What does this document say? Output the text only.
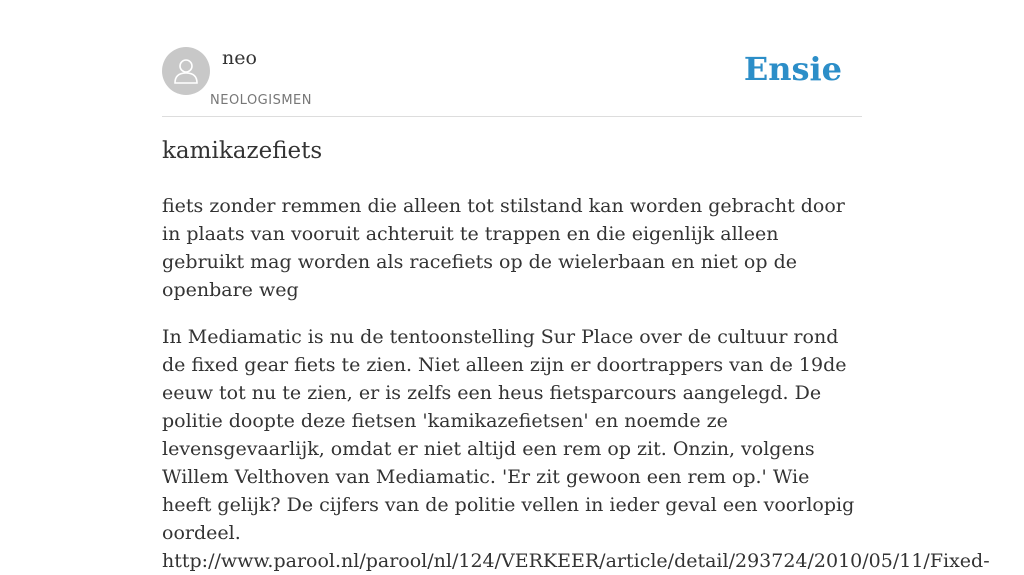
neo
NEOLOGISMEN
Ensie
kamikazefiets

fiets zonder remmen die alleen tot stilstand kan worden gebracht door in plaats van vooruit achteruit te trappen en die eigenlijk alleen gebruikt mag worden als racefiets op de wielerbaan en niet op de openbare weg

In Mediamatic is nu de tentoonstelling Sur Place over de cultuur rond de fixed gear fiets te zien. Niet alleen zijn er doortrappers van de 19de eeuw tot nu te zien, er is zelfs een heus fietsparcours aangelegd. De politie doopte deze fietsen 'kamikazefietsen' en noemde ze levensgevaarlijk, omdat er niet altijd een rem op zit. Onzin, volgens Willem Velthoven van Mediamatic. 'Er zit gewoon een rem op.' Wie heeft gelijk? De cijfers van de politie vellen in ieder geval een voorlopig oordeel.
http://www.parool.nl/parool/nl/124/VERKEER/article/detail/293724/2010/05/11/Fixed-
